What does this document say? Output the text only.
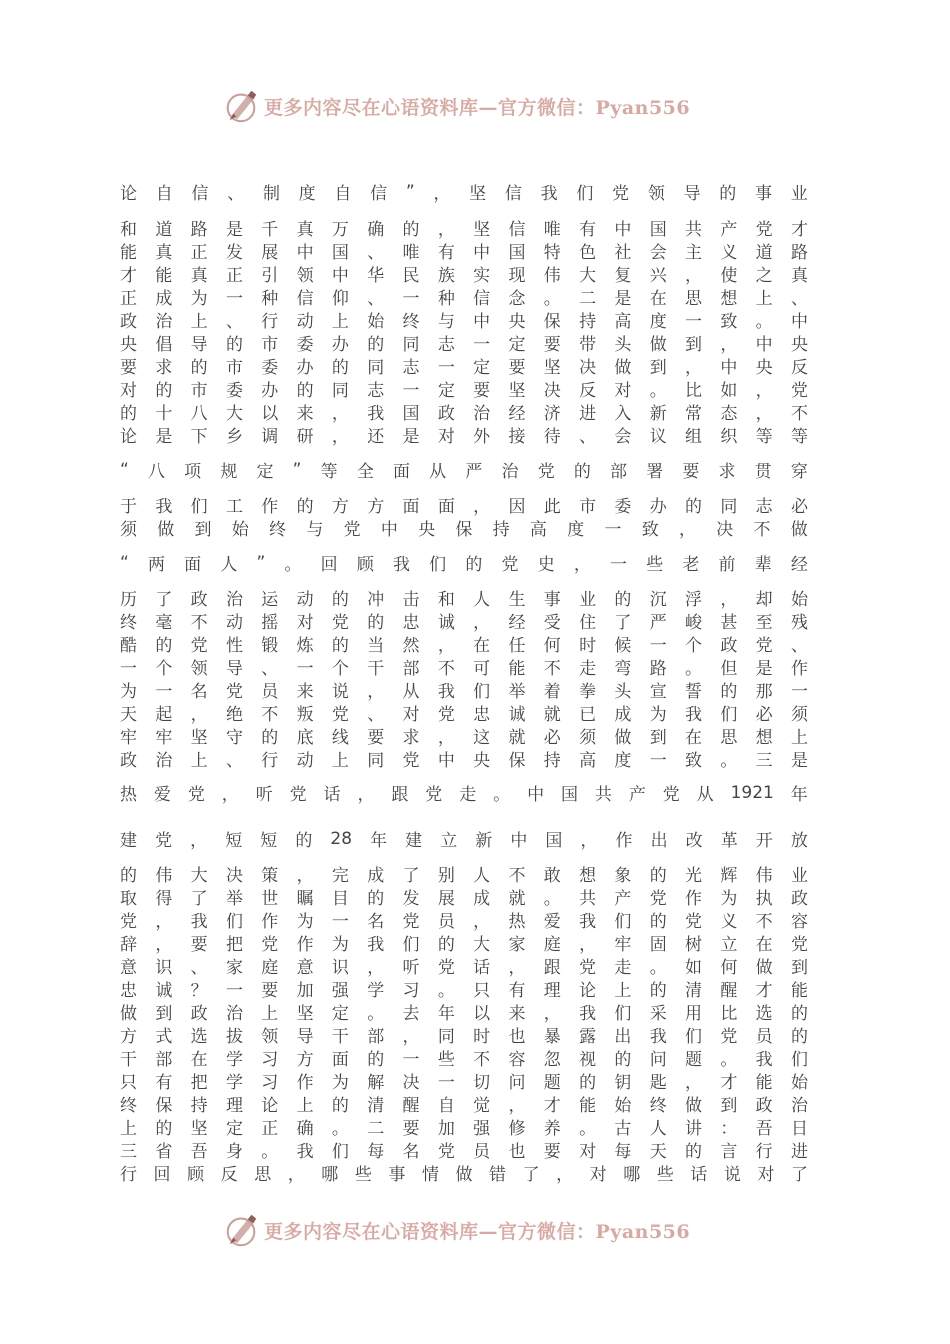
更多内容尽在心语资料库—官方微信：Pyan556
论 自 信 、 制 度 自 信 ” ， 坚 信 我 们 党 领 导 的 事 业
和 道 路 是 千 真 万 确 的 ， 坚 信 唯 有 中 国 共 产 党 才
能 真 正 发 展 中 国 、 唯 有 中 国 特 色 社 会 主 义 道 路
才 能 真 正 引 领 中 华 民 族 实 现 伟 大 复 兴 ， 使 之 真
正 成 为 一 种 信 仰 、 一 种 信 念 。 二 是 在 思 想 上 、
政 治 上 、 行 动 上 始 终 与 中 央 保 持 高 度 一 致 。 中
央 倡 导 的 市 委 办 的 同 志 一 定 要 带 头 做 到 ， 中 央
要 求 的 市 委 办 的 同 志 一 定 要 坚 决 做 到 ， 中 央 反
对 的 市 委 办 的 同 志 一 定 要 坚 决 反 对 。 比 如 ， 党
的 十 八 大 以 来 ， 我 国 政 治 经 济 进 入 新 常 态 ， 不
论 是 下 乡 调 研 ， 还 是 对 外 接 待 、 会 议 组 织 等 等
“ 八 项 规 定 ” 等 全 面 从 严 治 党 的 部 署 要 求 贯 穿
于 我 们 工 作 的 方 方 面 面 ， 因 此 市 委 办 的 同 志 必
须 做 到 始 终 与 党 中 央 保 持 高 度 一 致 ， 决 不 做
“ 两 面 人 ” 。 回 顾 我 们 的 党 史 ， 一 些 老 前 辈 经
历 了 政 治 运 动 的 冲 击 和 人 生 事 业 的 沉 浮 ， 却 始
终 毫 不 动 摇 对 党 的 忠 诚 ， 经 受 住 了 严 峻 甚 至 残
酷 的 党 性 锻 炼 的 当 然 ， 在 任 何 时 候 一 个 政 党 、
一 个 领 导 、 一 个 干 部 不 可 能 不 走 弯 路 。 但 是 作
为 一 名 党 员 来 说 ， 从 我 们 举 着 拳 头 宣 誓 的 那 一
天 起 ， 绝 不 叛 党 、 对 党 忠 诚 就 已 成 为 我 们 必 须
牢 牢 坚 守 的 底 线 要 求 ， 这 就 必 须 做 到 在 思 想 上
政 治 上 、 行 动 上 同 党 中 央 保 持 高 度 一 致 。 三 是
热 爱 党 ， 听 党 话 ， 跟 党 走 。 中 国 共 产 党 从 1921 年
建 党 ， 短 短 的 28 年 建 立 新 中 国 ， 作 出 改 革 开 放
的 伟 大 决 策 ， 完 成 了 别 人 不 敢 想 象 的 光 辉 伟 业
取 得 了 举 世 瞩 目 的 发 展 成 就 。 共 产 党 作 为 执 政
党 ， 我 们 作 为 一 名 党 员 ， 热 爱 我 们 的 党 义 不 容
辞 ， 要 把 党 作 为 我 们 的 大 家 庭 ， 牢 固 树 立 在 党
意 识 、 家 庭 意 识 ， 听 党 话 ， 跟 党 走 。 如 何 做 到
忠 诚 ？ 一 要 加 强 学 习 。 只 有 理 论 上 的 清 醒 才 能
做 到 政 治 上 坚 定 。 去 年 以 来 ， 我 们 采 用 比 选 的
方 式 选 拔 领 导 干 部 ， 同 时 也 暴 露 出 我 们 党 员 的
干 部 在 学 习 方 面 的 一 些 不 容 忽 视 的 问 题 。 我 们
只 有 把 学 习 作 为 解 决 一 切 问 题 的 钥 匙 ， 才 能 始
终 保 持 理 论 上 的 清 醒 自 觉 ， 才 能 始 终 做 到 政 治
上 的 坚 定 正 确 。 二 要 加 强 修 养 。 古 人 讲 ： 吾 日
三 省 吾 身 。 我 们 每 名 党 员 也 要 对 每 天 的 言 行 进
行 回 顾 反 思 ， 哪 些 事 情 做 错 了 ， 对 哪 些 话 说 对 了
更多内容尽在心语资料库—官方微信：Pyan556
